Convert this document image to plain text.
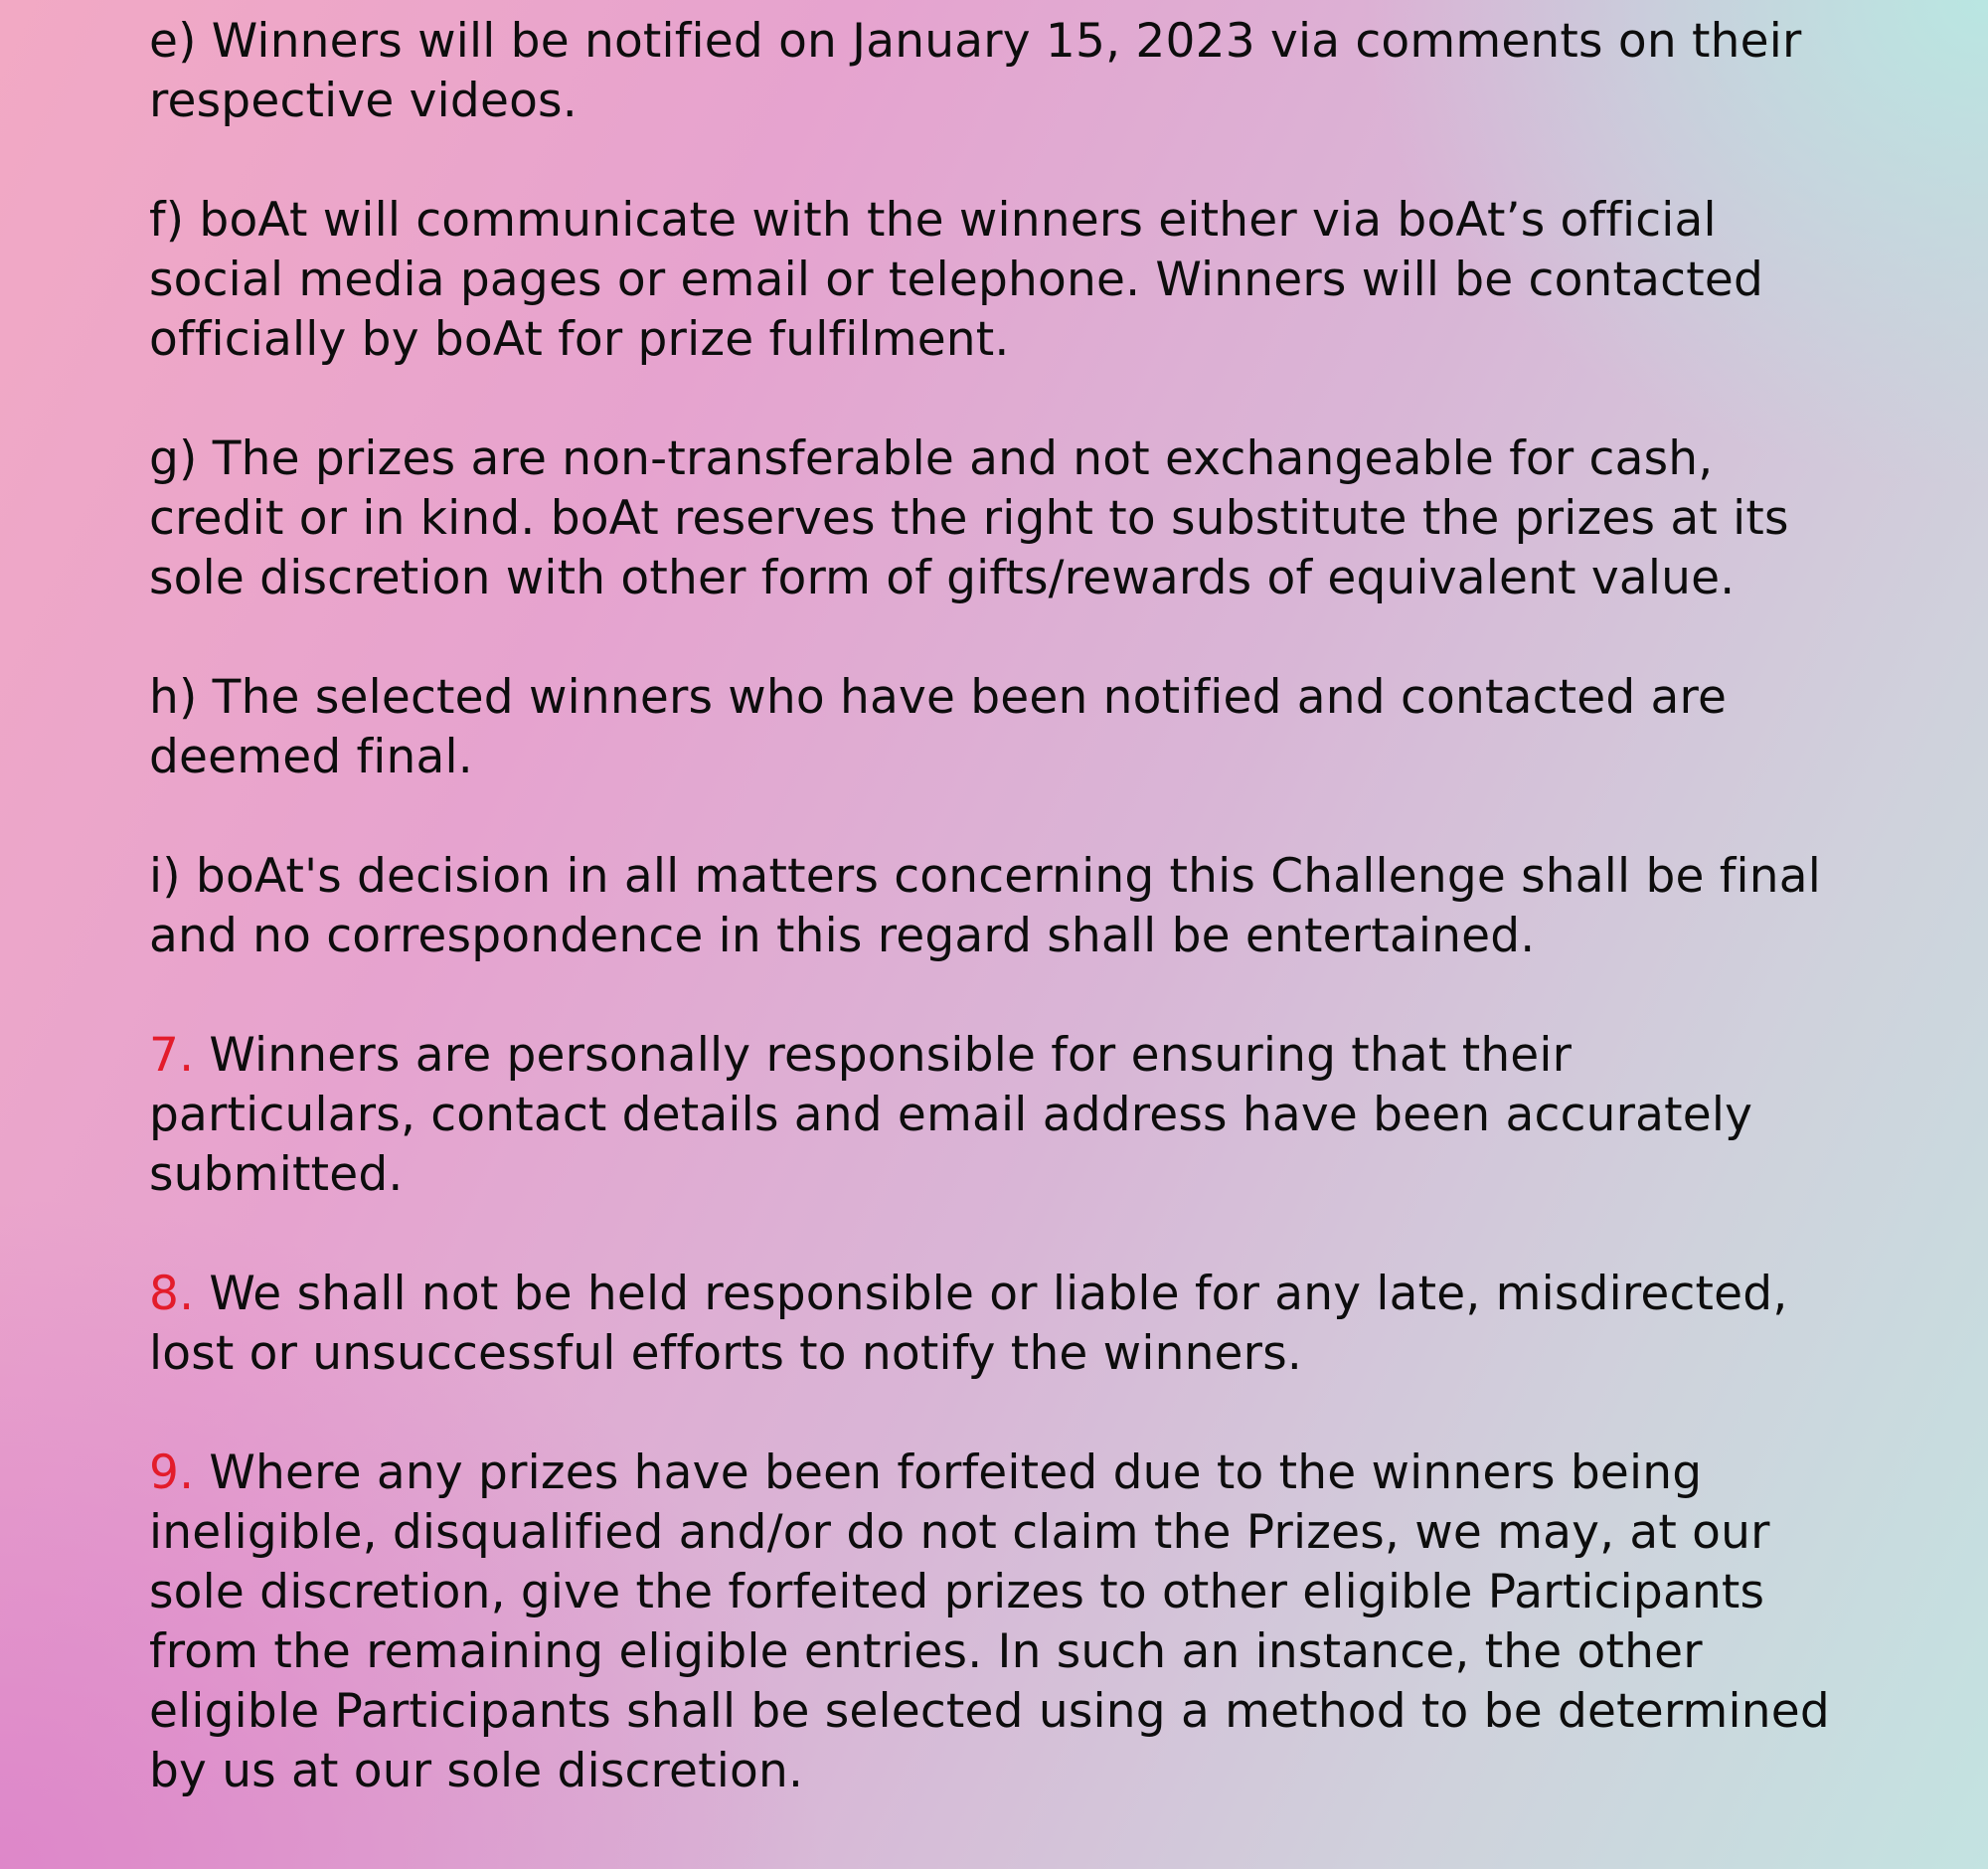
e) Winners will be notified on January 15, 2023 via comments on their respective videos.

f) boAt will communicate with the winners either via boAt’s official social media pages or email or telephone. Winners will be contacted officially by boAt for prize fulfilment.

g) The prizes are non-transferable and not exchangeable for cash, credit or in kind. boAt reserves the right to substitute the prizes at its sole discretion with other form of gifts/rewards of equivalent value.

h) The selected winners who have been notified and contacted are deemed final.

i) boAt's decision in all matters concerning this Challenge shall be final and no correspondence in this regard shall be entertained.

7. Winners are personally responsible for ensuring that their particulars, contact details and email address have been accurately submitted.

8. We shall not be held responsible or liable for any late, misdirected, lost or unsuccessful efforts to notify the winners.

9. Where any prizes have been forfeited due to the winners being ineligible, disqualified and/or do not claim the Prizes, we may, at our sole discretion, give the forfeited prizes to other eligible Participants from the remaining eligible entries. In such an instance, the other eligible Participants shall be selected using a method to be determined by us at our sole discretion.
